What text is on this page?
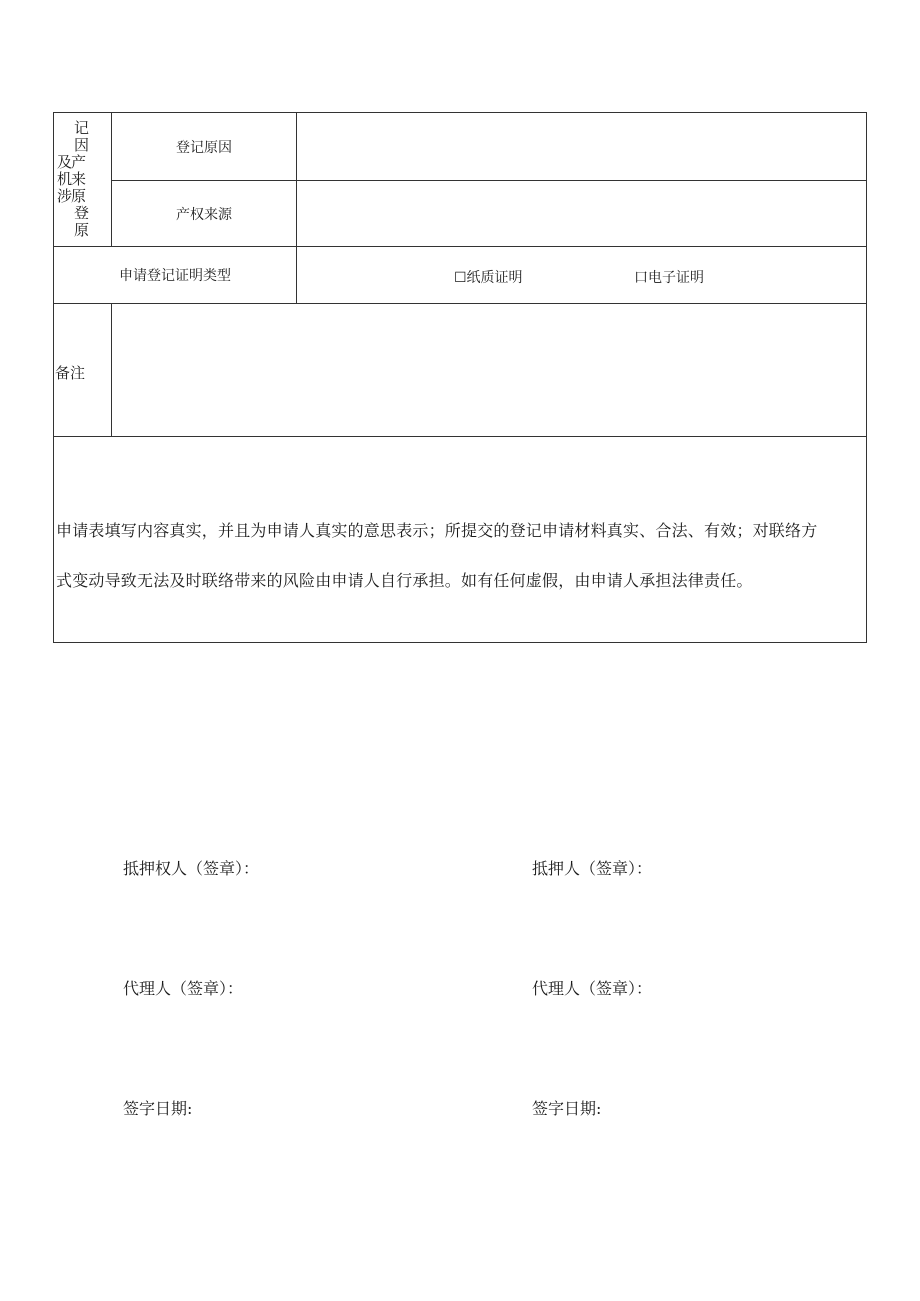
记
因
及产
机来
涉原
登
原
登记原因
产权来源
申请登记证明类型	☐纸质证明	口电子证明
备注
申请表填写内容真实，并且为申请人真实的意思表示；所提交的登记申请材料真实、合法、有效；对联络方
式变动导致无法及时联络带来的风险由申请人自行承担。如有任何虚假，由申请人承担法律责任。
抵押权人（签章）：	抵押人（签章）：
代理人（签章）：	代理人（签章）：
签字日期:	签字日期:
